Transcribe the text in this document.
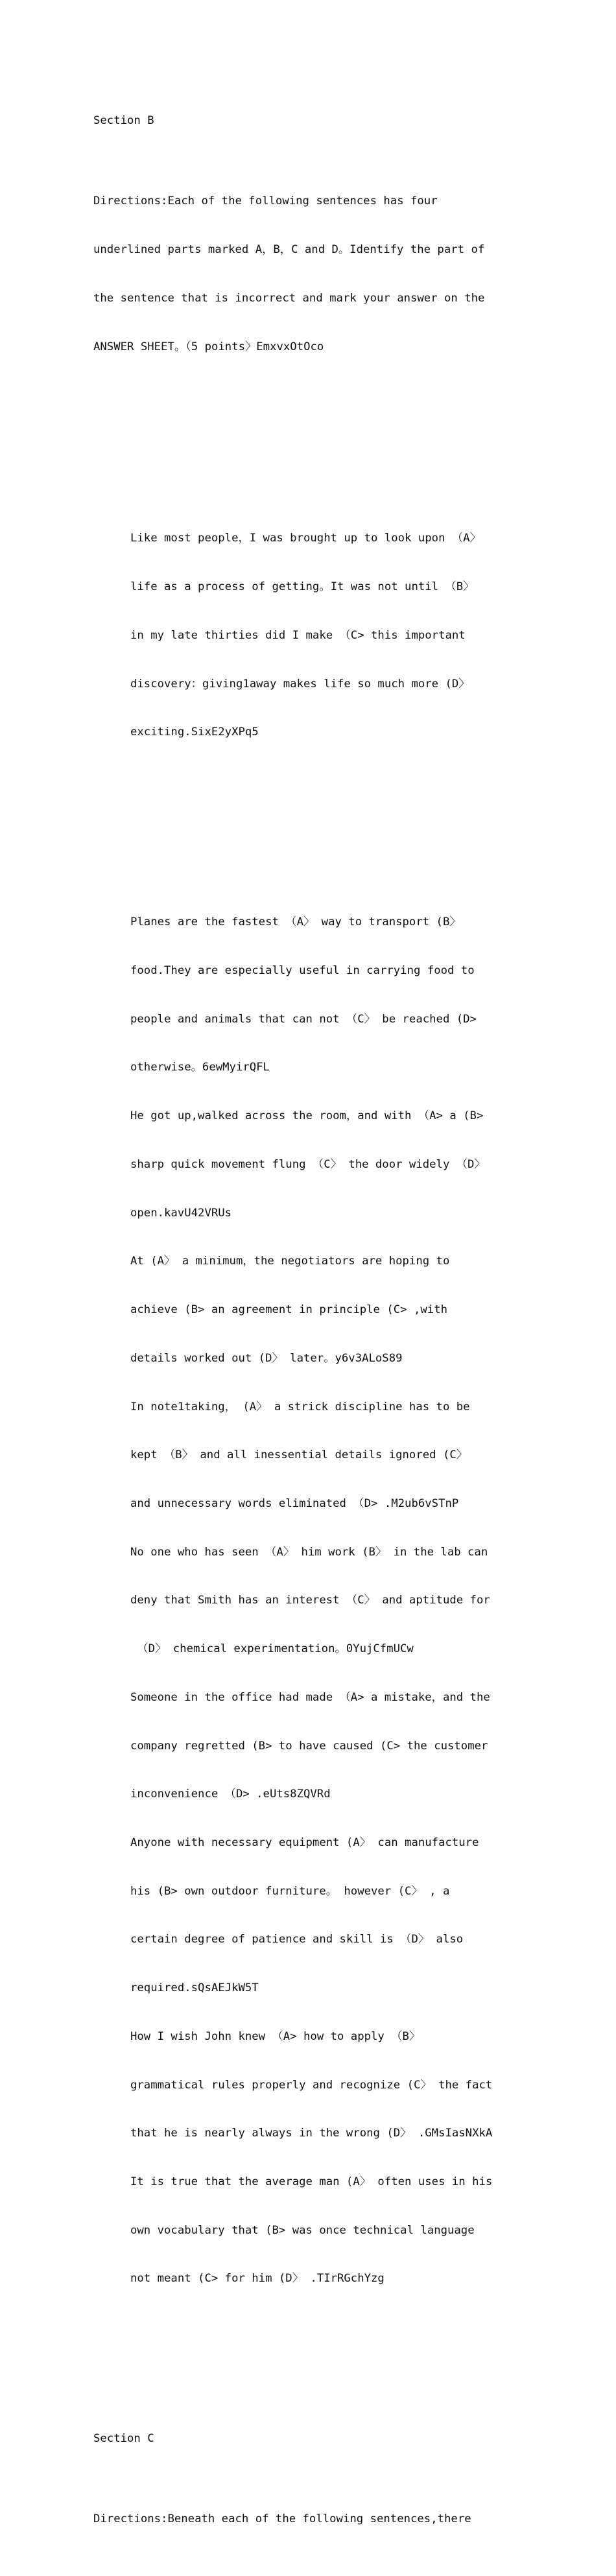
Section B

Directions:Each of the following sentences has four

underlined parts marked A，B，C and D。Identify the part of

the sentence that is incorrect and mark your answer on the

ANSWER SHEET。（5 points〉EmxvxOtOco

Like most people，I was brought up to look upon （A〉

life as a process of getting。It was not until （B〉

in my late thirties did I make （C> this important

discovery：giving1away makes life so much more (D〉

exciting.SixE2yXPq5

Planes are the fastest （A〉 way to transport (B〉

food.They are especially useful in carrying food to

people and animals that can not （C〉 be reached (D>

otherwise。6ewMyirQFL

He got up,walked across the room，and with （A> a (B>

sharp quick movement flung （C〉 the door widely （D〉

open.kavU42VRUs

At (A〉 a minimum，the negotiators are hoping to

achieve (B> an agreement in principle (C> ,with

details worked out (D〉 later。y6v3ALoS89

In note1taking， (A〉 a strick discipline has to be

kept （B〉 and all inessential details ignored (C〉

and unnecessary words eliminated （D> .M2ub6vSTnP

No one who has seen （A〉 him work (B〉 in the lab can

deny that Smith has an interest （C〉 and aptitude for

（D〉 chemical experimentation。0YujCfmUCw

Someone in the office had made （A> a mistake，and the

company regretted (B> to have caused (C> the customer

inconvenience （D> .eUts8ZQVRd

Anyone with necessary equipment (A〉 can manufacture

his (B> own outdoor furniture。 however (C〉 , a

certain degree of patience and skill is （D〉 also

required.sQsAEJkW5T

How I wish John knew （A> how to apply （B〉

grammatical rules properly and recognize (C〉 the fact

that he is nearly always in the wrong (D〉 .GMsIasNXkA

It is true that the average man (A〉 often uses in his

own vocabulary that (B> was once technical language

not meant (C> for him (D〉 .TIrRGchYzg

Section C

Directions:Beneath each of the following sentences,there
